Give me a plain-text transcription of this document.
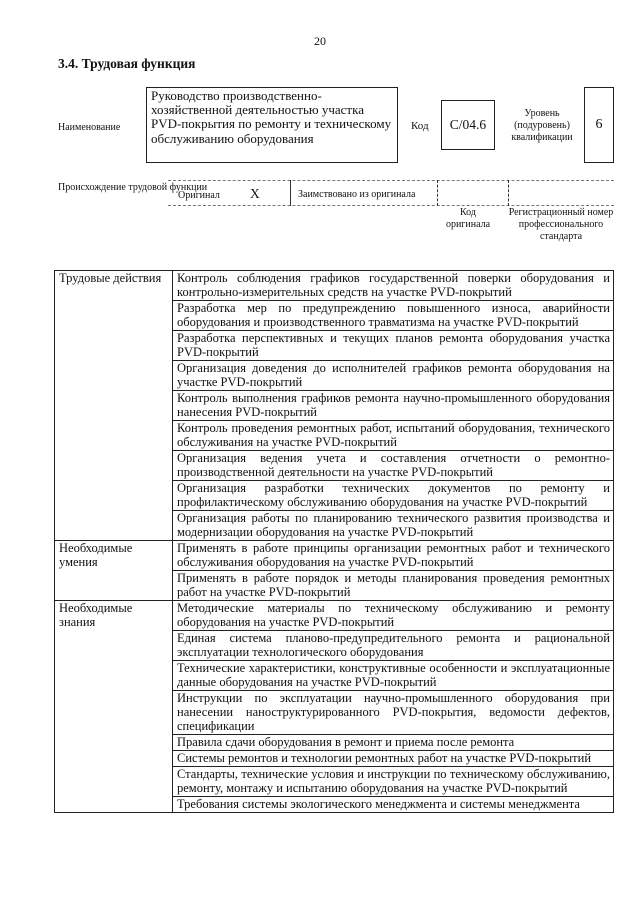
20
3.4. Трудовая функция
Наименование
Руководство производственно-хозяйственной деятельностью участка PVD-покрытия по ремонту и техническому обслуживанию оборудования
Код	C/04.6
Уровень (подуровень) квалификации
6
Происхождение трудовой функции
Оригинал X	Заимствовано из оригинала
Код оригинала
Регистрационный номер профессионального стандарта
Трудовые действия	Контроль соблюдения графиков государственной поверки оборудования и контрольно-измерительных средств на участке PVD-покрытий
	Разработка мер по предупреждению повышенного износа, аварийности оборудования и производственного травматизма на участке PVD-покрытий
	Разработка перспективных и текущих планов ремонта оборудования участка PVD-покрытий
	Организация доведения до исполнителей графиков ремонта оборудования на участке PVD-покрытий
	Контроль выполнения графиков ремонта научно-промышленного оборудования нанесения PVD-покрытий
	Контроль проведения ремонтных работ, испытаний оборудования, технического обслуживания на участке PVD-покрытий
	Организация ведения учета и составления отчетности о ремонтно-производственной деятельности на участке PVD-покрытий
	Организация разработки технических документов по ремонту и профилактическому обслуживанию оборудования на участке PVD-покрытий
	Организация работы по планированию технического развития производства и модернизации оборудования на участке PVD-покрытий
Необходимые умения	Применять в работе принципы организации ремонтных работ и технического обслуживания оборудования на участке PVD-покрытий
	Применять в работе порядок и методы планирования проведения ремонтных работ на участке PVD-покрытий
Необходимые знания	Методические материалы по техническому обслуживанию и ремонту оборудования на участке PVD-покрытий
	Единая система планово-предупредительного ремонта и рациональной эксплуатации технологического оборудования
	Технические характеристики, конструктивные особенности и эксплуатационные данные оборудования на участке PVD-покрытий
	Инструкции по эксплуатации научно-промышленного оборудования при нанесении наноструктурированного PVD-покрытия, ведомости дефектов, спецификации
	Правила сдачи оборудования в ремонт и приема после ремонта
	Системы ремонтов и технологии ремонтных работ на участке PVD-покрытий
	Стандарты, технические условия и инструкции по техническому обслуживанию, ремонту, монтажу и испытанию оборудования на участке PVD-покрытий
	Требования системы экологического менеджмента и системы менеджмента
